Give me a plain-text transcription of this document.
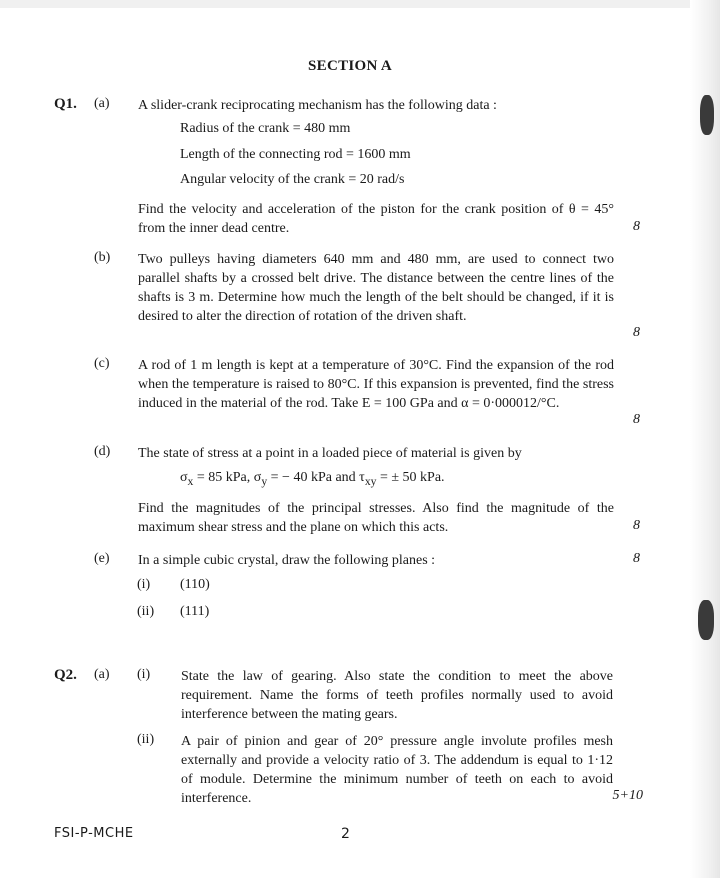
SECTION A
Q1. (a) A slider-crank reciprocating mechanism has the following data :
Radius of the crank = 480 mm
Length of the connecting rod = 1600 mm
Angular velocity of the crank = 20 rad/s
Find the velocity and acceleration of the piston for the crank position of θ = 45° from the inner dead centre.	8
(b) Two pulleys having diameters 640 mm and 480 mm, are used to connect two parallel shafts by a crossed belt drive. The distance between the centre lines of the shafts is 3 m. Determine how much the length of the belt should be changed, if it is desired to alter the direction of rotation of the driven shaft.
8
(c) A rod of 1 m length is kept at a temperature of 30°C. Find the expansion of the rod when the temperature is raised to 80°C. If this expansion is prevented, find the stress induced in the material of the rod. Take E = 100 GPa and α = 0·000012/°C.
8
(d) The state of stress at a point in a loaded piece of material is given by
$\sigma_x = 85$ kPa, $\sigma_y$ = − 40 kPa and $\tau_{xy}$ = ± 50 kPa.
Find the magnitudes of the principal stresses. Also find the magnitude of the maximum shear stress and the plane on which this acts.	8
(e) In a simple cubic crystal, draw the following planes :	8
(i) (110)
(ii) (111)
Q2. (a) (i) State the law of gearing. Also state the condition to meet the above requirement. Name the forms of teeth profiles normally used to avoid interference between the mating gears.
(ii) A pair of pinion and gear of 20° pressure angle involute profiles mesh externally and provide a velocity ratio of 3. The addendum is equal to 1·12 of module. Determine the minimum number of teeth on each to avoid interference.	5+10
FSI-P-MCHE	2
